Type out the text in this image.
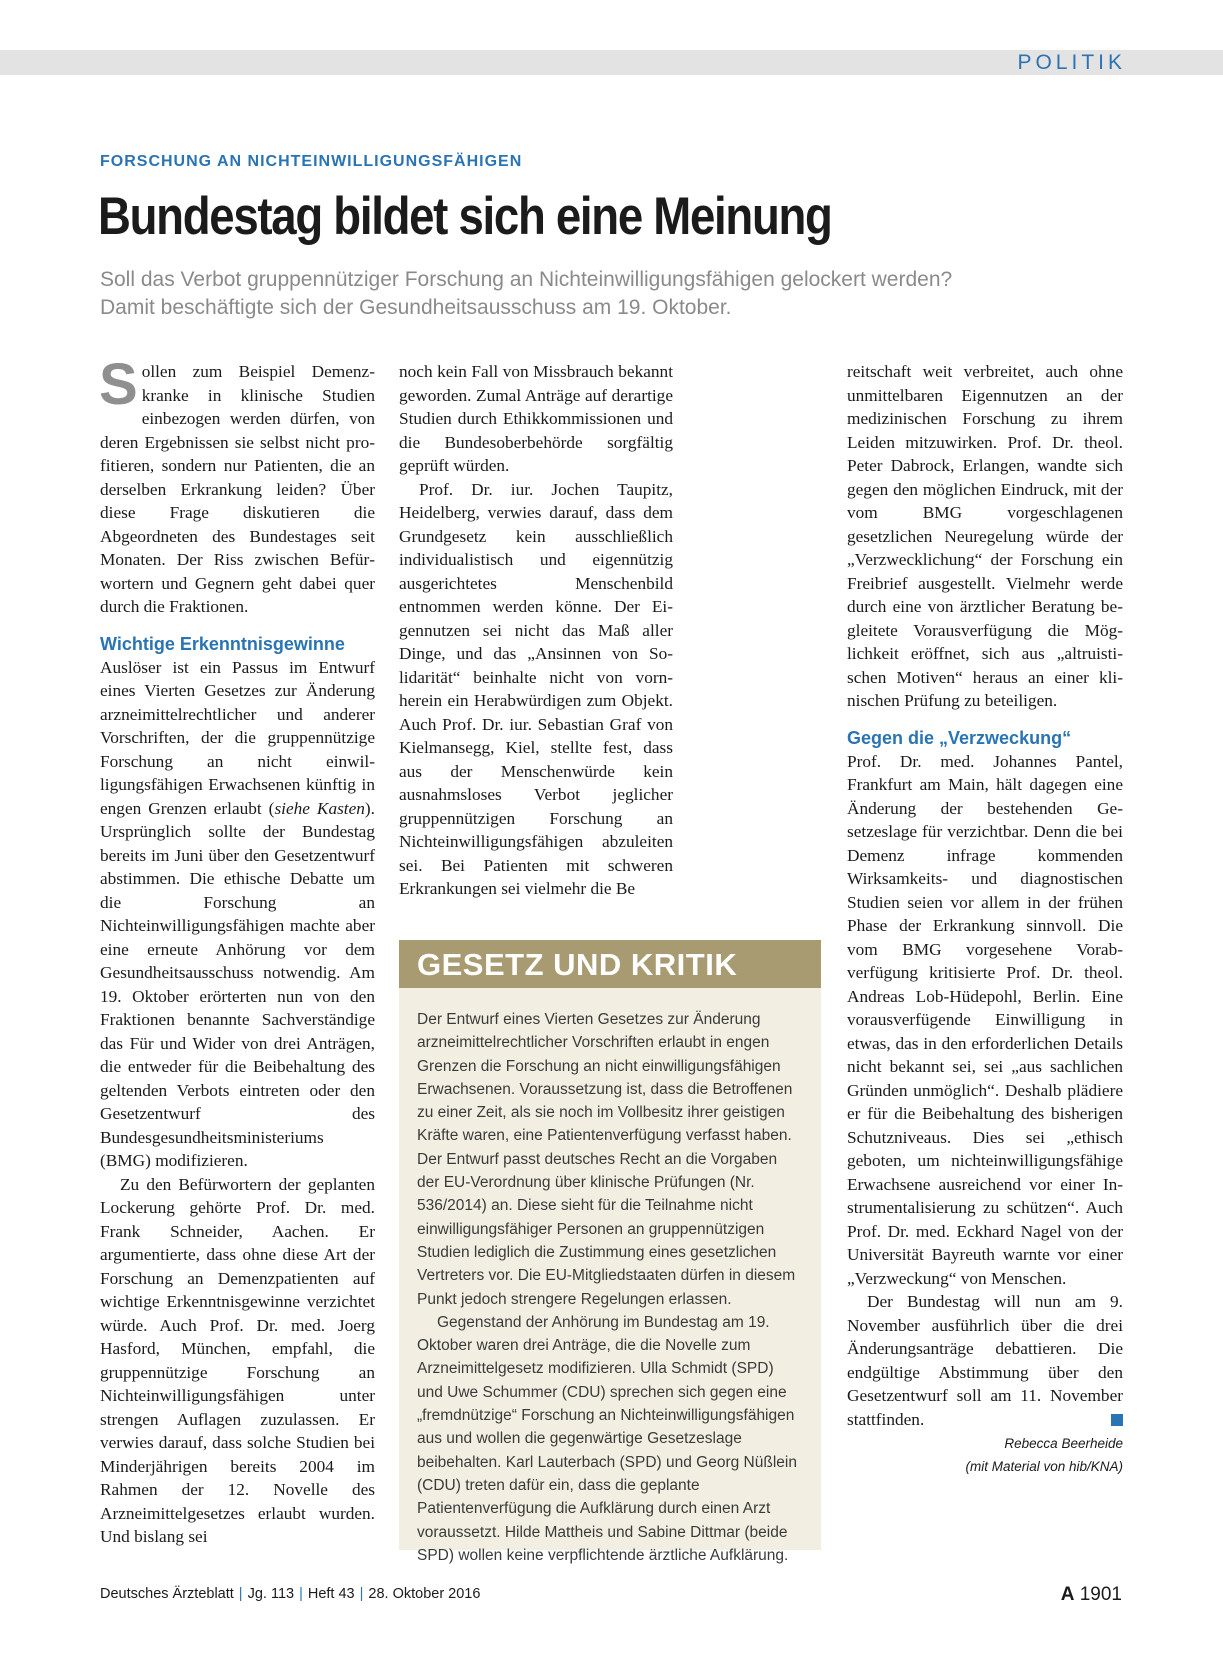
POLITIK
FORSCHUNG AN NICHTEINWILLIGUNGSFÄHIGEN
Bundestag bildet sich eine Meinung
Soll das Verbot gruppennütziger Forschung an Nichteinwilligungsfähigen gelockert werden? Damit beschäftigte sich der Gesundheitsausschuss am 19. Oktober.

Sollen zum Beispiel Demenzkranke in klinische Studien einbezogen werden dürfen, von deren Ergebnissen sie selbst nicht profitieren, sondern nur Patienten, die an derselben Erkrankung leiden? Über diese Frage diskutieren die Abgeordneten des Bundestages seit Monaten. Der Riss zwischen Befürwortern und Gegnern geht dabei quer durch die Fraktionen.

Wichtige Erkenntnisgewinne

Auslöser ist ein Passus im Entwurf eines Vierten Gesetzes zur Änderung arzneimittelrechtlicher und anderer Vorschriften, der die gruppennützige Forschung an nicht einwilligungsfähigen Erwachsenen künftig in engen Grenzen erlaubt (siehe Kasten). Ursprünglich sollte der Bundestag bereits im Juni über den Gesetzentwurf abstimmen. Die ethische Debatte um die Forschung an Nichteinwilligungsfähigen machte aber eine erneute Anhörung vor dem Gesundheitsausschuss notwendig. Am 19. Oktober erörterten nun von den Fraktionen benannte Sachverständige das Für und Wider von drei Anträgen, die entweder für die Beibehaltung des geltenden Verbots eintreten oder den Gesetzentwurf des Bundesgesundheitsministeriums (BMG) modifizieren.

Zu den Befürwortern der geplanten Lockerung gehörte Prof. Dr. med. Frank Schneider, Aachen. Er argumentierte, dass ohne diese Art der Forschung an Demenzpatienten auf wichtige Erkenntnisgewinne verzichtet würde. Auch Prof. Dr. med. Joerg Hasford, München, empfahl, die gruppennützige Forschung an Nichteinwilligungsfähigen unter strengen Auflagen zuzulassen. Er verwies darauf, dass solche Studien bei Minderjährigen bereits 2004 im Rahmen der 12. Novelle des Arzneimittelgesetzes erlaubt wurden. Und bislang sei

noch kein Fall von Missbrauch bekannt geworden. Zumal Anträge auf derartige Studien durch Ethikkommissionen und die Bundesoberbehörde sorgfältig geprüft würden.

Prof. Dr. iur. Jochen Taupitz, Heidelberg, verwies darauf, dass dem Grundgesetz kein ausschließlich individualistisch und eigennützig ausgerichtetes Menschenbild entnommen werden könne. Der Eigennutzen sei nicht das Maß aller Dinge, und das „Ansinnen von Solidarität“ beinhalte nicht von vornherein ein Herabwürdigen zum Objekt. Auch Prof. Dr. iur. Sebastian Graf von Kielmansegg, Kiel, stellte fest, dass aus der Menschenwürde kein ausnahmsloses Verbot jeglicher gruppennützigen Forschung an Nichteinwilligungsfähigen abzuleiten sei. Bei Patienten mit schweren Erkrankungen sei vielmehr die Be

reitschaft weit verbreitet, auch ohne unmittelbaren Eigennutzen an der medizinischen Forschung zu ihrem Leiden mitzuwirken. Prof. Dr. theol. Peter Dabrock, Erlangen, wandte sich gegen den möglichen Eindruck, mit der vom BMG vorgeschlagenen gesetzlichen Neuregelung würde der „Verzwecklichung“ der Forschung ein Freibrief ausgestellt. Vielmehr werde durch eine von ärztlicher Beratung begleitete Vorausverfügung die Möglichkeit eröffnet, sich aus „altruistischen Motiven“ heraus an einer klinischen Prüfung zu beteiligen.

Gegen die „Verzweckung“

Prof. Dr. med. Johannes Pantel, Frankfurt am Main, hält dagegen eine Änderung der bestehenden Gesetzeslage für verzichtbar. Denn die bei Demenz infrage kommenden Wirksamkeits- und diagnostischen Studien seien vor allem in der frühen Phase der Erkrankung sinnvoll. Die vom BMG vorgesehene Vorabverfügung kritisierte Prof. Dr. theol. Andreas Lob-Hüdepohl, Berlin. Eine vorausverfügende Einwilligung in etwas, das in den erforderlichen Details nicht bekannt sei, sei „aus sachlichen Gründen unmöglich“. Deshalb plädiere er für die Beibehaltung des bisherigen Schutzniveaus. Dies sei „ethisch geboten, um nichteinwilligungsfähige Erwachsene ausreichend vor einer Instrumentalisierung zu schützen“. Auch Prof. Dr. med. Eckhard Nagel von der Universität Bayreuth warnte vor einer „Verzweckung“ von Menschen.

Der Bundestag will nun am 9. November ausführlich über die drei Änderungsanträge debattieren. Die endgültige Abstimmung über den Gesetzentwurf soll am 11. November stattfinden.

Rebecca Beerheide
(mit Material von hib/KNA)
GESETZ UND KRITIK

Der Entwurf eines Vierten Gesetzes zur Änderung arzneimittelrechtlicher Vorschriften erlaubt in engen Grenzen die Forschung an nicht einwilligungsfähigen Erwachsenen. Voraussetzung ist, dass die Betroffenen zu einer Zeit, als sie noch im Vollbesitz ihrer geistigen Kräfte waren, eine Patientenverfügung verfasst haben. Der Entwurf passt deutsches Recht an die Vorgaben der EU-Verordnung über klinische Prüfungen (Nr. 536/2014) an. Diese sieht für die Teilnahme nicht einwilligungsfähiger Personen an gruppennützigen Studien lediglich die Zustimmung eines gesetzlichen Vertreters vor. Die EU-Mitgliedstaaten dürfen in diesem Punkt jedoch strengere Regelungen erlassen.

Gegenstand der Anhörung im Bundestag am 19. Oktober waren drei Anträge, die die Novelle zum Arzneimittelgesetz modifizieren. Ulla Schmidt (SPD) und Uwe Schummer (CDU) sprechen sich gegen eine „fremdnützige“ Forschung an Nichteinwilligungsfähigen aus und wollen die gegenwärtige Gesetzeslage beibehalten. Karl Lauterbach (SPD) und Georg Nüßlein (CDU) treten dafür ein, dass die geplante Patientenverfügung die Aufklärung durch einen Arzt voraussetzt. Hilde Mattheis und Sabine Dittmar (beide SPD) wollen keine verpflichtende ärztliche Aufklärung.

Deutsches Ärzteblatt | Jg. 113 | Heft 43 | 28. Oktober 2016	A 1901
